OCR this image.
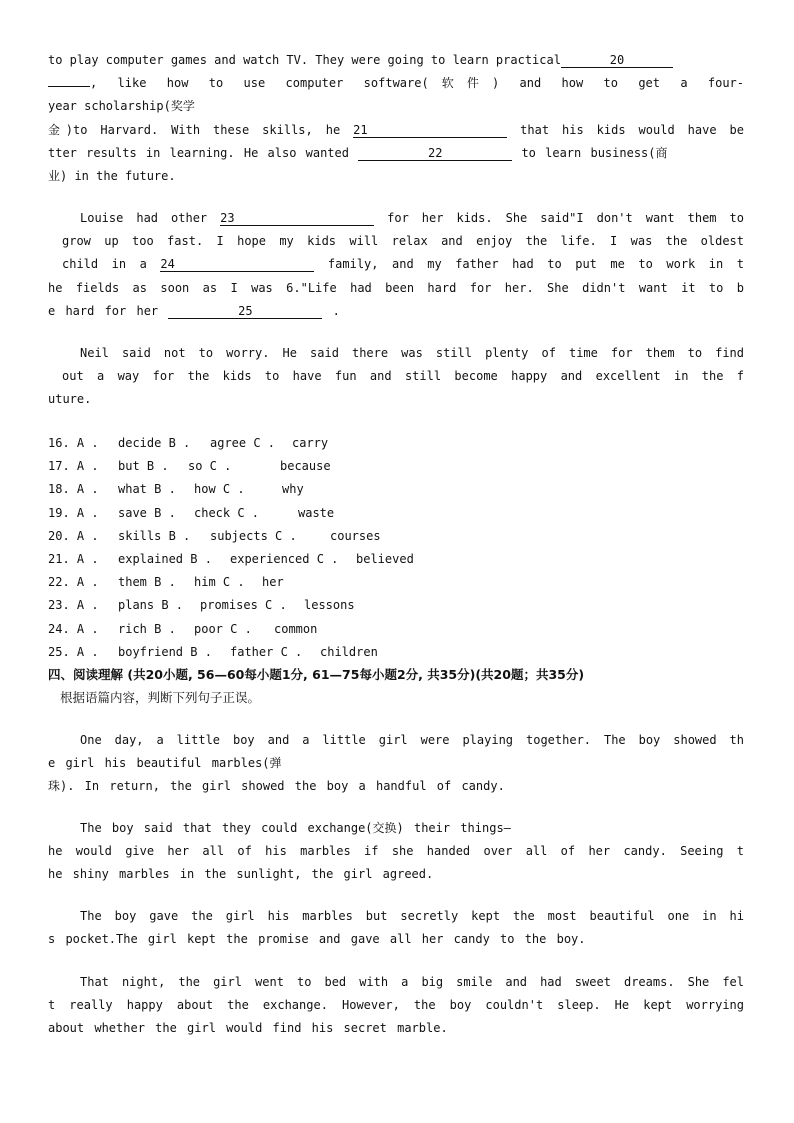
to play computer games and watch TV. They were going to learn practical	20
, like how to use computer software(软件) and how to get a four-
year scholarship(奖学
金)to Harvard. With these skills, he 21	that his kids would have be
tter results in learning. He also wanted	22	to learn business(商
业) in the future.
Louise had other 23	for her kids. She said"I don't want them to
grow up too fast. I hope my kids will relax and enjoy the life. I was the oldest
child in a 24	family, and my father had to put me to work in t
he fields as soon as I was 6."Life had been hard for her. She didn't want it to b
e hard for her	25	.
Neil said not to worry. He said there was still plenty of time for them to find
out a way for the kids to have fun and still become happy and excellent in the f
uture.
16. A . decide B . agree C . carry
17. A . but B . so C .	because
18. A . what B . how C .	why
19. A . save B . check C .	waste
20. A . skills B . subjects C .	courses
21. A . explained B . experienced C . believed
22. A . them B . him C . her
23. A . plans B . promises C . lessons
24. A . rich B . poor C . common
25. A . boyfriend B . father C . children
四、阅读理解 (共20小题, 56—60每小题1分, 61—75每小题2分, 共35分)(共20题；共35分)
根据语篇内容，判断下列句子正误。
One day, a little boy and a little girl were playing together. The boy showed th
e girl his beautiful marbles(弹
珠). In return, the girl showed the boy a handful of candy.
The boy said that they could exchange(交换) their things—
he would give her all of his marbles if she handed over all of her candy. Seeing t
he shiny marbles in the sunlight, the girl agreed.
The boy gave the girl his marbles but secretly kept the most beautiful one in hi
s pocket.The girl kept the promise and gave all her candy to the boy.
That night, the girl went to bed with a big smile and had sweet dreams. She fel
t really happy about the exchange. However, the boy couldn't sleep. He kept worrying
about whether the girl would find his secret marble.
